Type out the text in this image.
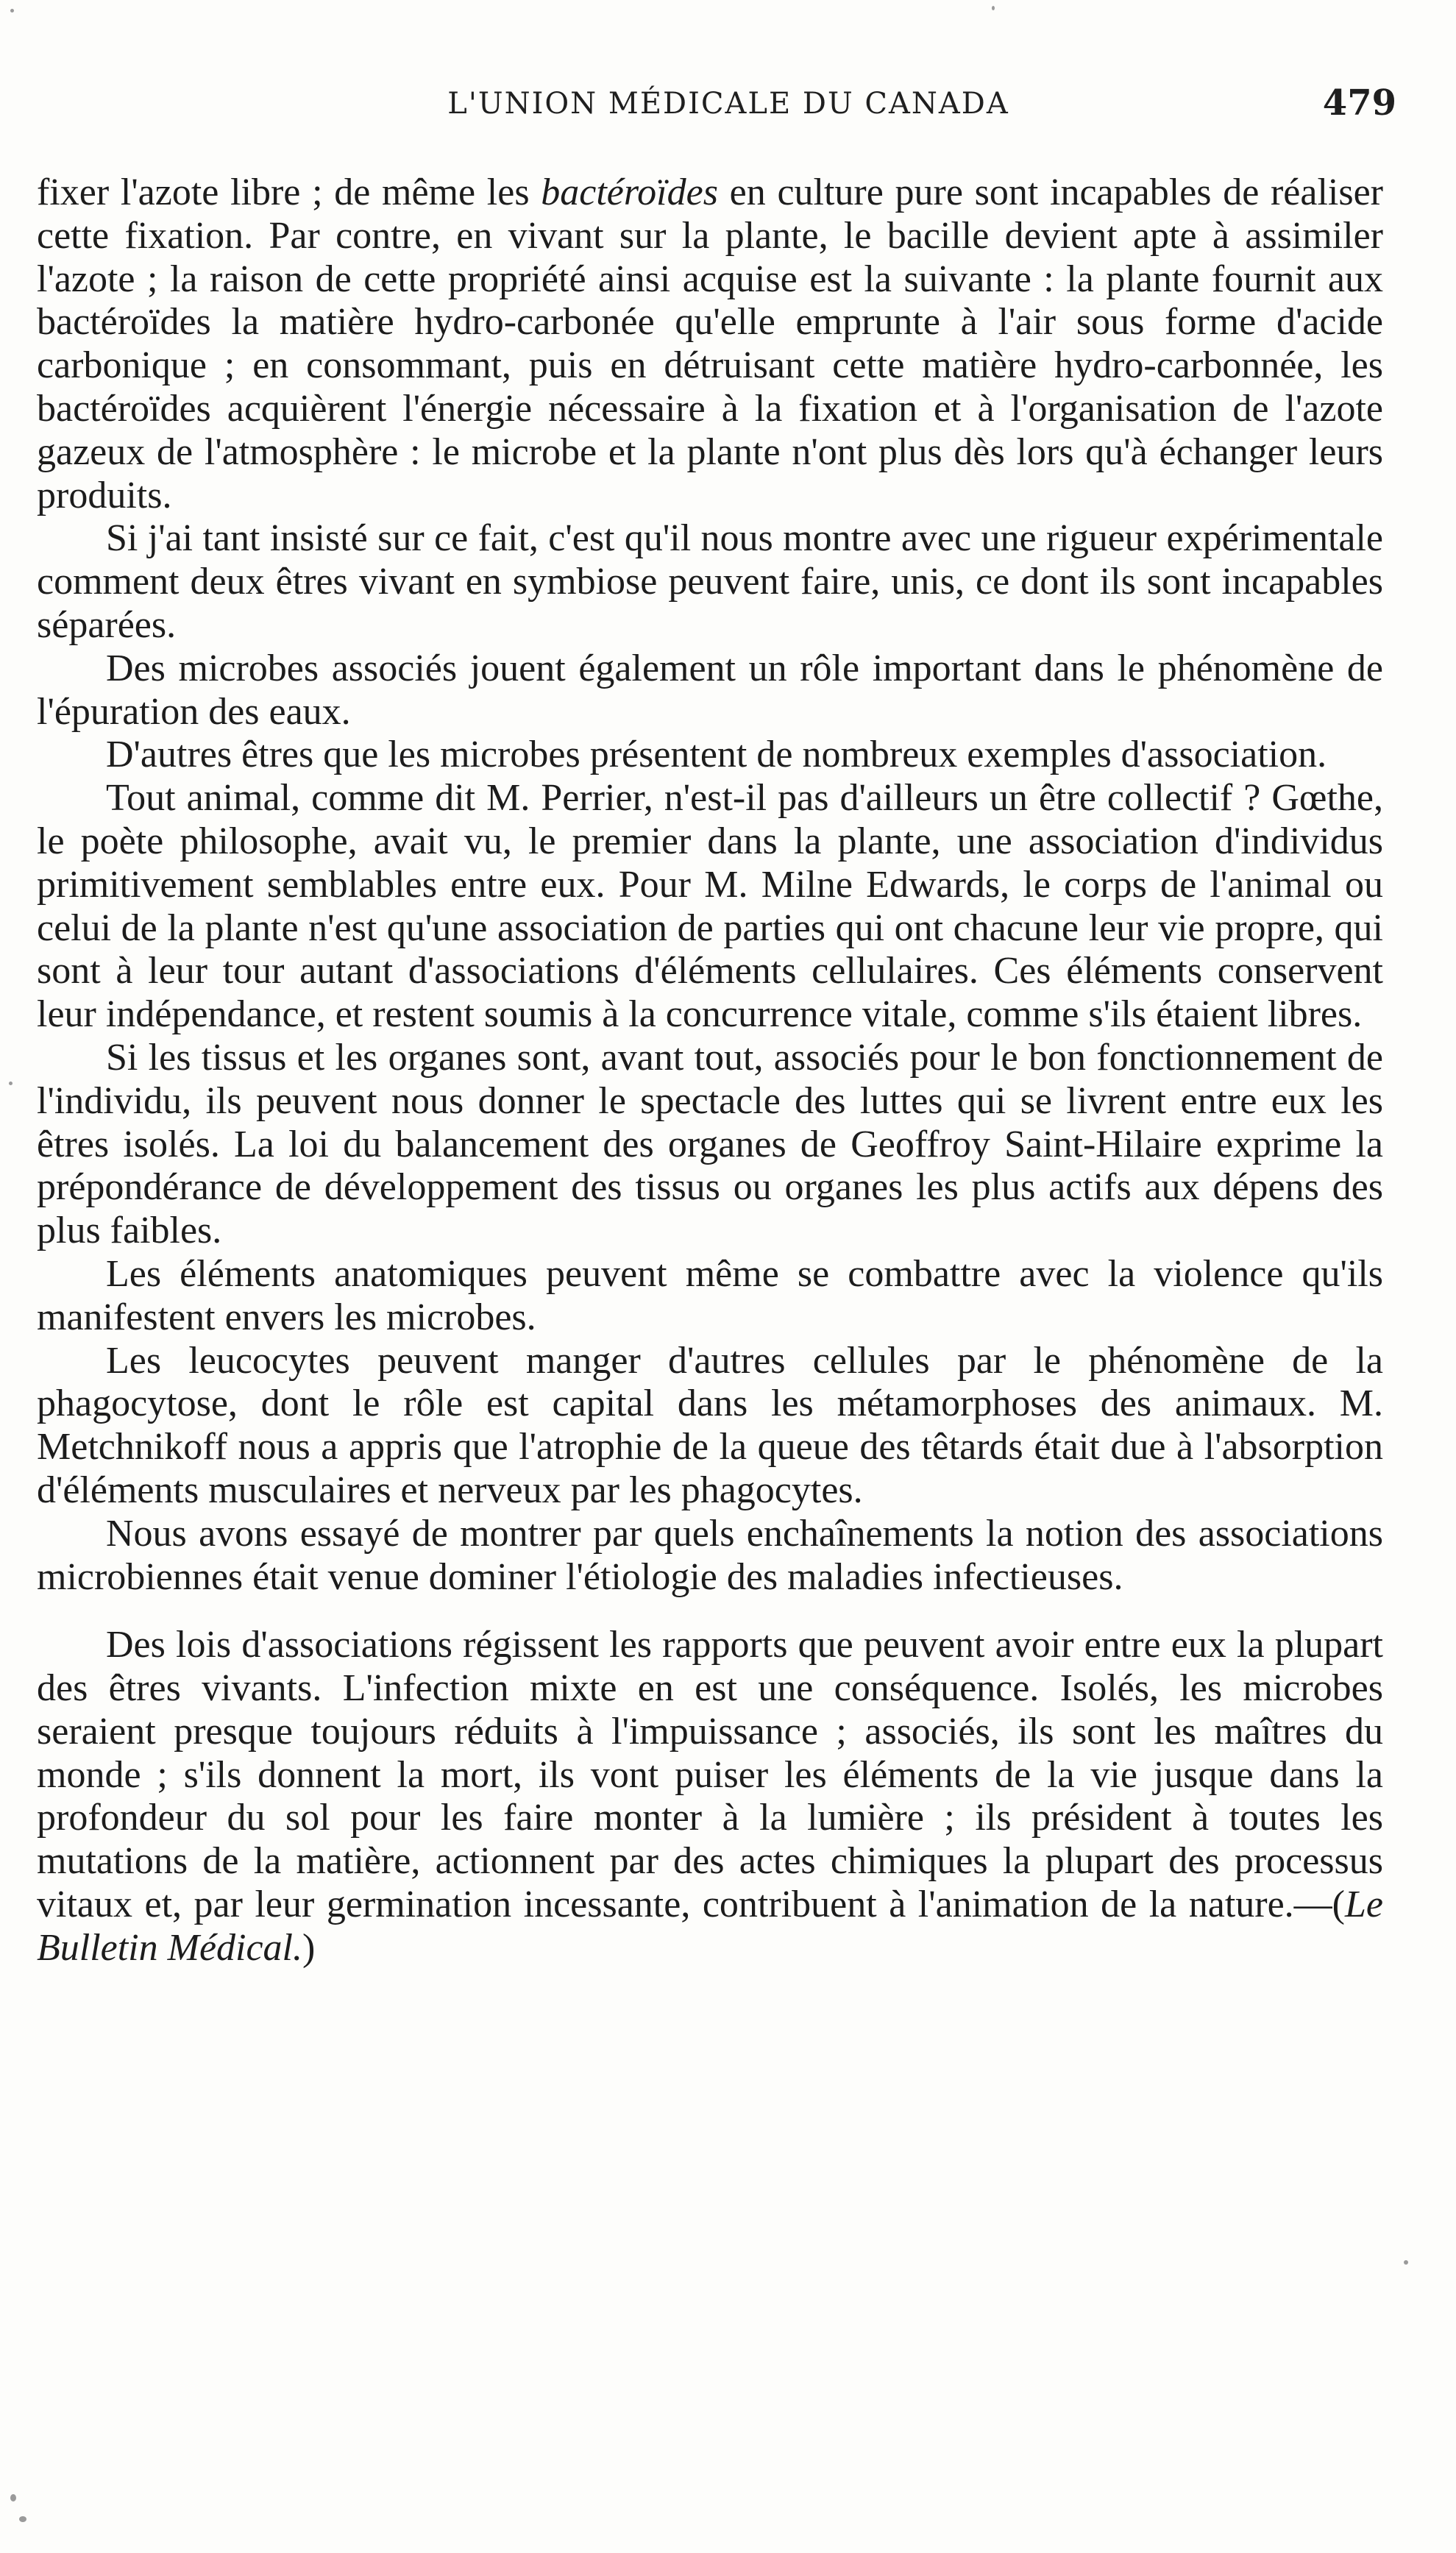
L'UNION MÉDICALE DU CANADA	479

fixer l'azote libre ; de même les bactéroïdes en culture pure sont incapables de réaliser cette fixation. Par contre, en vivant sur la plante, le bacille devient apte à assimiler l'azote ; la raison de cette propriété ainsi acquise est la suivante : la plante fournit aux bactéroïdes la matière hydro-carbonée qu'elle emprunte à l'air sous forme d'acide carbonique ; en consommant, puis en détruisant cette matière hydro-carbonnée, les bactéroïdes acquièrent l'énergie nécessaire à la fixation et à l'organisation de l'azote gazeux de l'atmosphère : le microbe et la plante n'ont plus dès lors qu'à échanger leurs produits.

Si j'ai tant insisté sur ce fait, c'est qu'il nous montre avec une rigueur expérimentale comment deux êtres vivant en symbiose peuvent faire, unis, ce dont ils sont incapables séparées.

Des microbes associés jouent également un rôle important dans le phénomène de l'épuration des eaux.

D'autres êtres que les microbes présentent de nombreux exemples d'association.

Tout animal, comme dit M. Perrier, n'est-il pas d'ailleurs un être collectif ? Gœthe, le poète philosophe, avait vu, le premier dans la plante, une association d'individus primitivement semblables entre eux. Pour M. Milne Edwards, le corps de l'animal ou celui de la plante n'est qu'une association de parties qui ont chacune leur vie propre, qui sont à leur tour autant d'associations d'éléments cellulaires. Ces éléments conservent leur indépendance, et restent soumis à la concurrence vitale, comme s'ils étaient libres.

Si les tissus et les organes sont, avant tout, associés pour le bon fonctionnement de l'individu, ils peuvent nous donner le spectacle des luttes qui se livrent entre eux les êtres isolés. La loi du balancement des organes de Geoffroy Saint-Hilaire exprime la prépondérance de développement des tissus ou organes les plus actifs aux dépens des plus faibles.

Les éléments anatomiques peuvent même se combattre avec la violence qu'ils manifestent envers les microbes.

Les leucocytes peuvent manger d'autres cellules par le phénomène de la phagocytose, dont le rôle est capital dans les métamorphoses des animaux. M. Metchnikoff nous a appris que l'atrophie de la queue des têtards était due à l'absorption d'éléments musculaires et nerveux par les phagocytes.

Nous avons essayé de montrer par quels enchaînements la notion des associations microbiennes était venue dominer l'étiologie des maladies infectieuses.

Des lois d'associations régissent les rapports que peuvent avoir entre eux la plupart des êtres vivants. L'infection mixte en est une conséquence. Isolés, les microbes seraient presque toujours réduits à l'impuissance ; associés, ils sont les maîtres du monde ; s'ils donnent la mort, ils vont puiser les éléments de la vie jusque dans la profondeur du sol pour les faire monter à la lumière ; ils président à toutes les mutations de la matière, actionnent par des actes chimiques la plupart des processus vitaux et, par leur germination incessante, contribuent à l'animation de la nature.—(Le Bulletin Médical.)
